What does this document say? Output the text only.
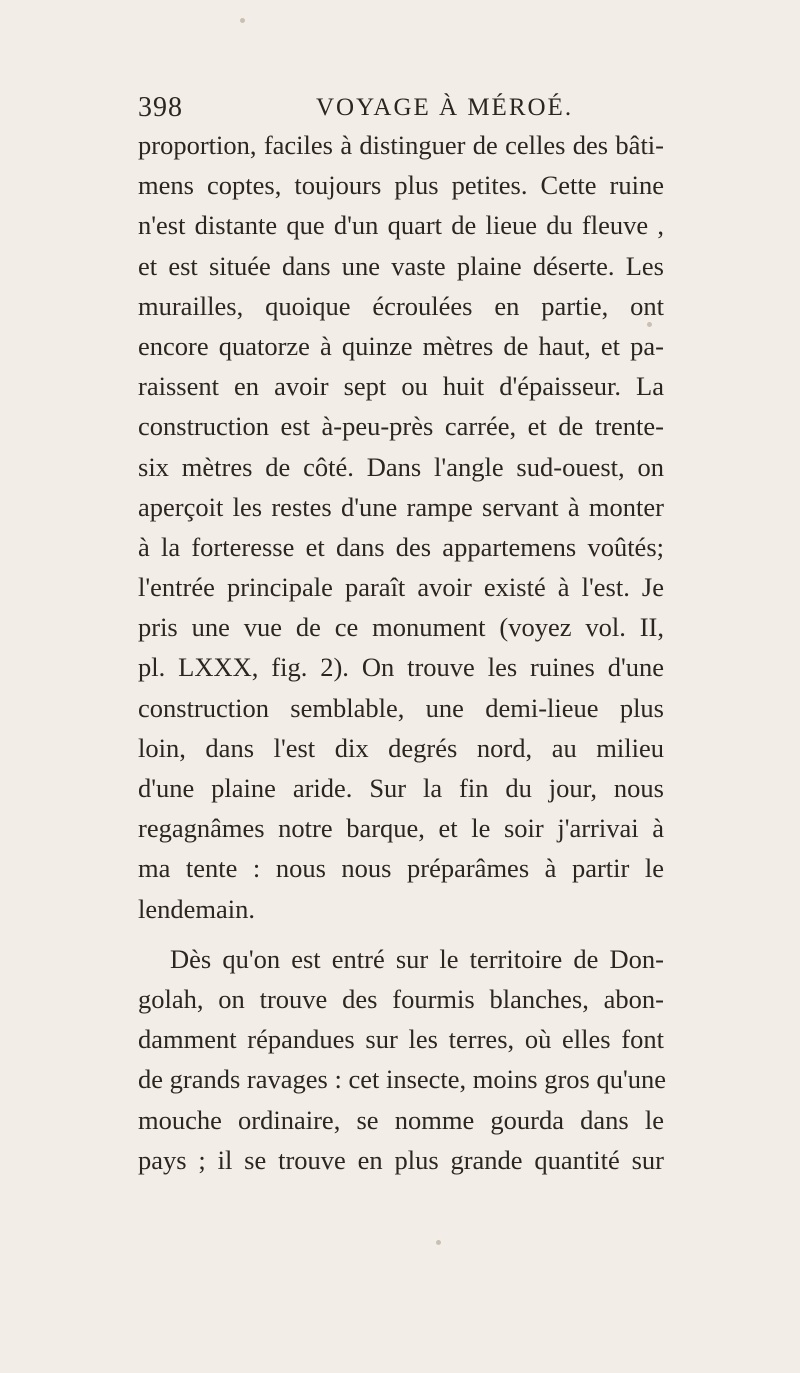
398	VOYAGE À MÉROÉ.
proportion, faciles à distinguer de celles des bâti-
mens coptes, toujours plus petites. Cette ruine
n'est distante que d'un quart de lieue du fleuve ,
et est située dans une vaste plaine déserte. Les
murailles, quoique écroulées en partie, ont
encore quatorze à quinze mètres de haut, et pa-
raissent en avoir sept ou huit d'épaisseur. La
construction est à-peu-près carrée, et de trente-
six mètres de côté. Dans l'angle sud-ouest, on
aperçoit les restes d'une rampe servant à monter
à la forteresse et dans des appartemens voûtés;
l'entrée principale paraît avoir existé à l'est. Je
pris une vue de ce monument (voyez vol. II,
pl. LXXX, fig. 2). On trouve les ruines d'une
construction semblable, une demi-lieue plus
loin, dans l'est dix degrés nord, au milieu
d'une plaine aride. Sur la fin du jour, nous
regagnâmes notre barque, et le soir j'arrivai à
ma tente : nous nous préparâmes à partir le
lendemain.
Dès qu'on est entré sur le territoire de Don-
golah, on trouve des fourmis blanches, abon-
damment répandues sur les terres, où elles font
de grands ravages : cet insecte, moins gros qu'une
mouche ordinaire, se nomme gourda dans le
pays ; il se trouve en plus grande quantité sur
